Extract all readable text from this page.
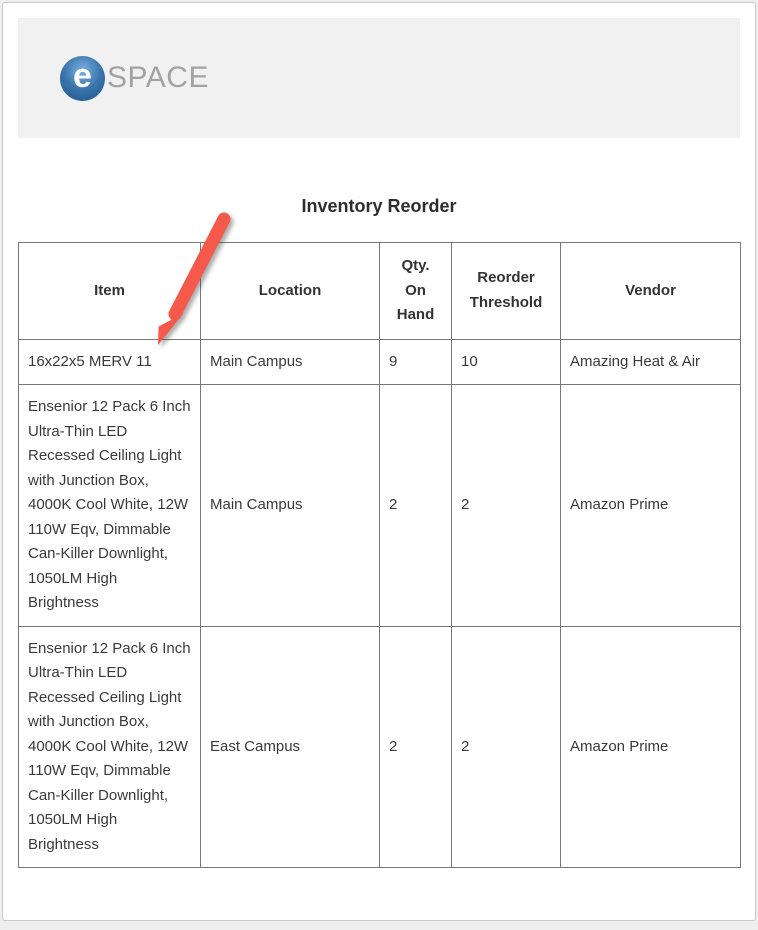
e SPACE
Inventory Reorder
Item	Location	Qty. On Hand	Reorder Threshold	Vendor
16x22x5 MERV 11	Main Campus	9	10	Amazing Heat & Air
Ensenior 12 Pack 6 Inch Ultra-Thin LED Recessed Ceiling Light with Junction Box, 4000K Cool White, 12W 110W Eqv, Dimmable Can-Killer Downlight, 1050LM High Brightness	Main Campus	2	2	Amazon Prime
Ensenior 12 Pack 6 Inch Ultra-Thin LED Recessed Ceiling Light with Junction Box, 4000K Cool White, 12W 110W Eqv, Dimmable Can-Killer Downlight, 1050LM High Brightness	East Campus	2	2	Amazon Prime
